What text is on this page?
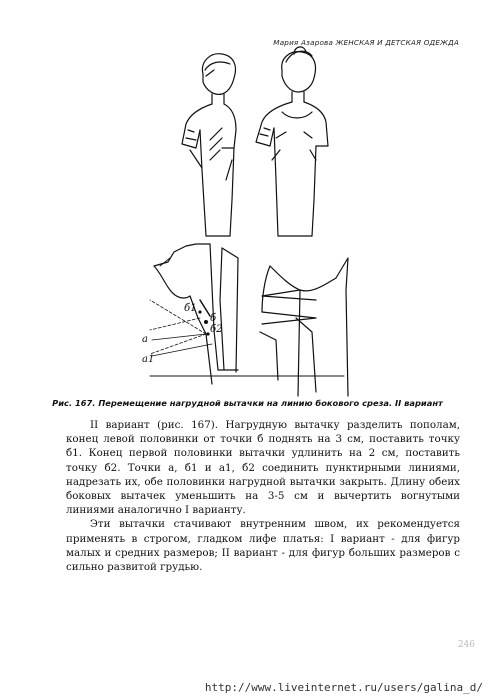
Мария Азарова ЖЕНСКАЯ И ДЕТСКАЯ ОДЕЖДА
б1
б
б2
а
а1
Рис. 167. Перемещение нагрудной вытачки на линию бокового среза. II вариант

II вариант (рис. 167). Нагрудную вытачку разделить пополам, конец левой половинки от точки б поднять на 3 см, поставить точку б1. Конец первой половинки вытачки удлинить на 2 см, поставить точку б2. Точки а, б1 и а1, б2 соединить пунктирными линиями, надрезать их, обе половинки нагрудной вытачки закрыть. Длину обеих боковых вытачек уменьшить на 3-5 см и вычертить вогнутыми линиями аналогично I варианту.

Эти вытачки стачивают внутренним швом, их рекомендуется применять в строгом, гладком лифе платья: I вариант - для фигур малых и средних размеров; II вариант - для фигур больших размеров с сильно развитой грудью.

246
http://www.liveinternet.ru/users/galina_d/
